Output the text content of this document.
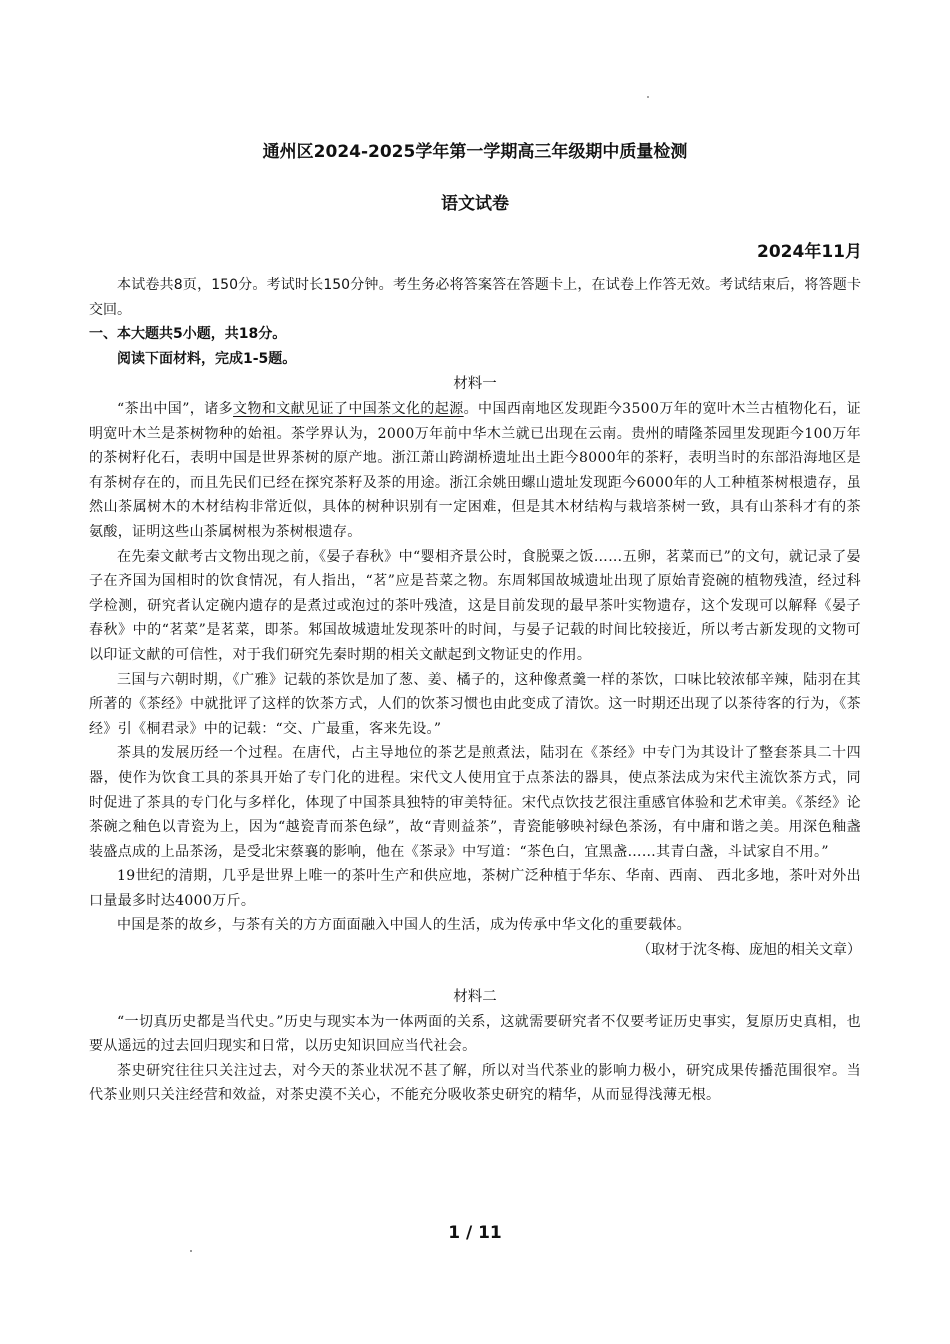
通州区2024-2025学年第一学期高三年级期中质量检测
语文试卷
2024年11月

本试卷共8页，150分。考试时长150分钟。考生务必将答案答在答题卡上，在试卷上作答无效。考试结束后，将答题卡交回。

一、本大题共5小题，共18分。

阅读下面材料，完成1-5题。

材料一

“茶出中国”，诸多文物和文献见证了中国茶文化的起源。中国西南地区发现距今3500万年的宽叶木兰古植物化石，证明宽叶木兰是茶树物种的始祖。茶学界认为，2000万年前中华木兰就已出现在云南。贵州的晴隆茶园里发现距今100万年的茶树籽化石，表明中国是世界茶树的原产地。浙江萧山跨湖桥遗址出土距今8000年的茶籽，表明当时的东部沿海地区是有茶树存在的，而且先民们已经在探究茶籽及茶的用途。浙江余姚田螺山遗址发现距今6000年的人工种植茶树根遗存，虽然山茶属树木的木材结构非常近似，具体的树种识别有一定困难，但是其木材结构与栽培茶树一致，具有山茶科才有的茶氨酸，证明这些山茶属树根为茶树根遗存。

在先秦文献考古文物出现之前，《晏子春秋》中“婴相齐景公时，食脱粟之饭……五卵，茗菜而已”的文句，就记录了晏子在齐国为国相时的饮食情况，有人指出，“茗”应是苔菜之物。东周邾国故城遗址出现了原始青瓷碗的植物残渣，经过科学检测，研究者认定碗内遗存的是煮过或泡过的茶叶残渣，这是目前发现的最早茶叶实物遗存，这个发现可以解释《晏子春秋》中的“茗菜”是茗菜，即茶。邾国故城遗址发现茶叶的时间，与晏子记载的时间比较接近，所以考古新发现的文物可以印证文献的可信性，对于我们研究先秦时期的相关文献起到文物证史的作用。

三国与六朝时期，《广雅》记载的茶饮是加了葱、姜、橘子的，这种像煮羹一样的茶饮，口味比较浓郁辛辣，陆羽在其所著的《茶经》中就批评了这样的饮茶方式，人们的饮茶习惯也由此变成了清饮。这一时期还出现了以茶待客的行为，《茶经》引《桐君录》中的记载：“交、广最重，客来先设。”

茶具的发展历经一个过程。在唐代，占主导地位的茶艺是煎煮法，陆羽在《茶经》中专门为其设计了整套茶具二十四器，使作为饮食工具的茶具开始了专门化的进程。宋代文人使用宜于点茶法的器具，使点茶法成为宋代主流饮茶方式，同时促进了茶具的专门化与多样化，体现了中国茶具独特的审美特征。宋代点饮技艺很注重感官体验和艺术审美。《茶经》论茶碗之釉色以青瓷为上，因为“越瓷青而茶色绿”，故“青则益茶”，青瓷能够映衬绿色茶汤，有中庸和谐之美。用深色釉盏装盛点成的上品茶汤，是受北宋蔡襄的影响，他在《茶录》中写道：“茶色白，宜黑盏……其青白盏，斗试家自不用。”

19世纪的清期，几乎是世界上唯一的茶叶生产和供应地，茶树广泛种植于华东、华南、西南、 西北多地，茶叶对外出口量最多时达4000万斤。

中国是茶的故乡，与茶有关的方方面面融入中国人的生活，成为传承中华文化的重要载体。

（取材于沈冬梅、庞旭的相关文章）

材料二

“一切真历史都是当代史。”历史与现实本为一体两面的关系，这就需要研究者不仅要考证历史事实，复原历史真相，也要从遥远的过去回归现实和日常，以历史知识回应当代社会。

茶史研究往往只关注过去，对今天的茶业状况不甚了解，所以对当代茶业的影响力极小，研究成果传播范围很窄。当代茶业则只关注经营和效益，对茶史漠不关心，不能充分吸收茶史研究的精华，从而显得浅薄无根。

1 / 11
